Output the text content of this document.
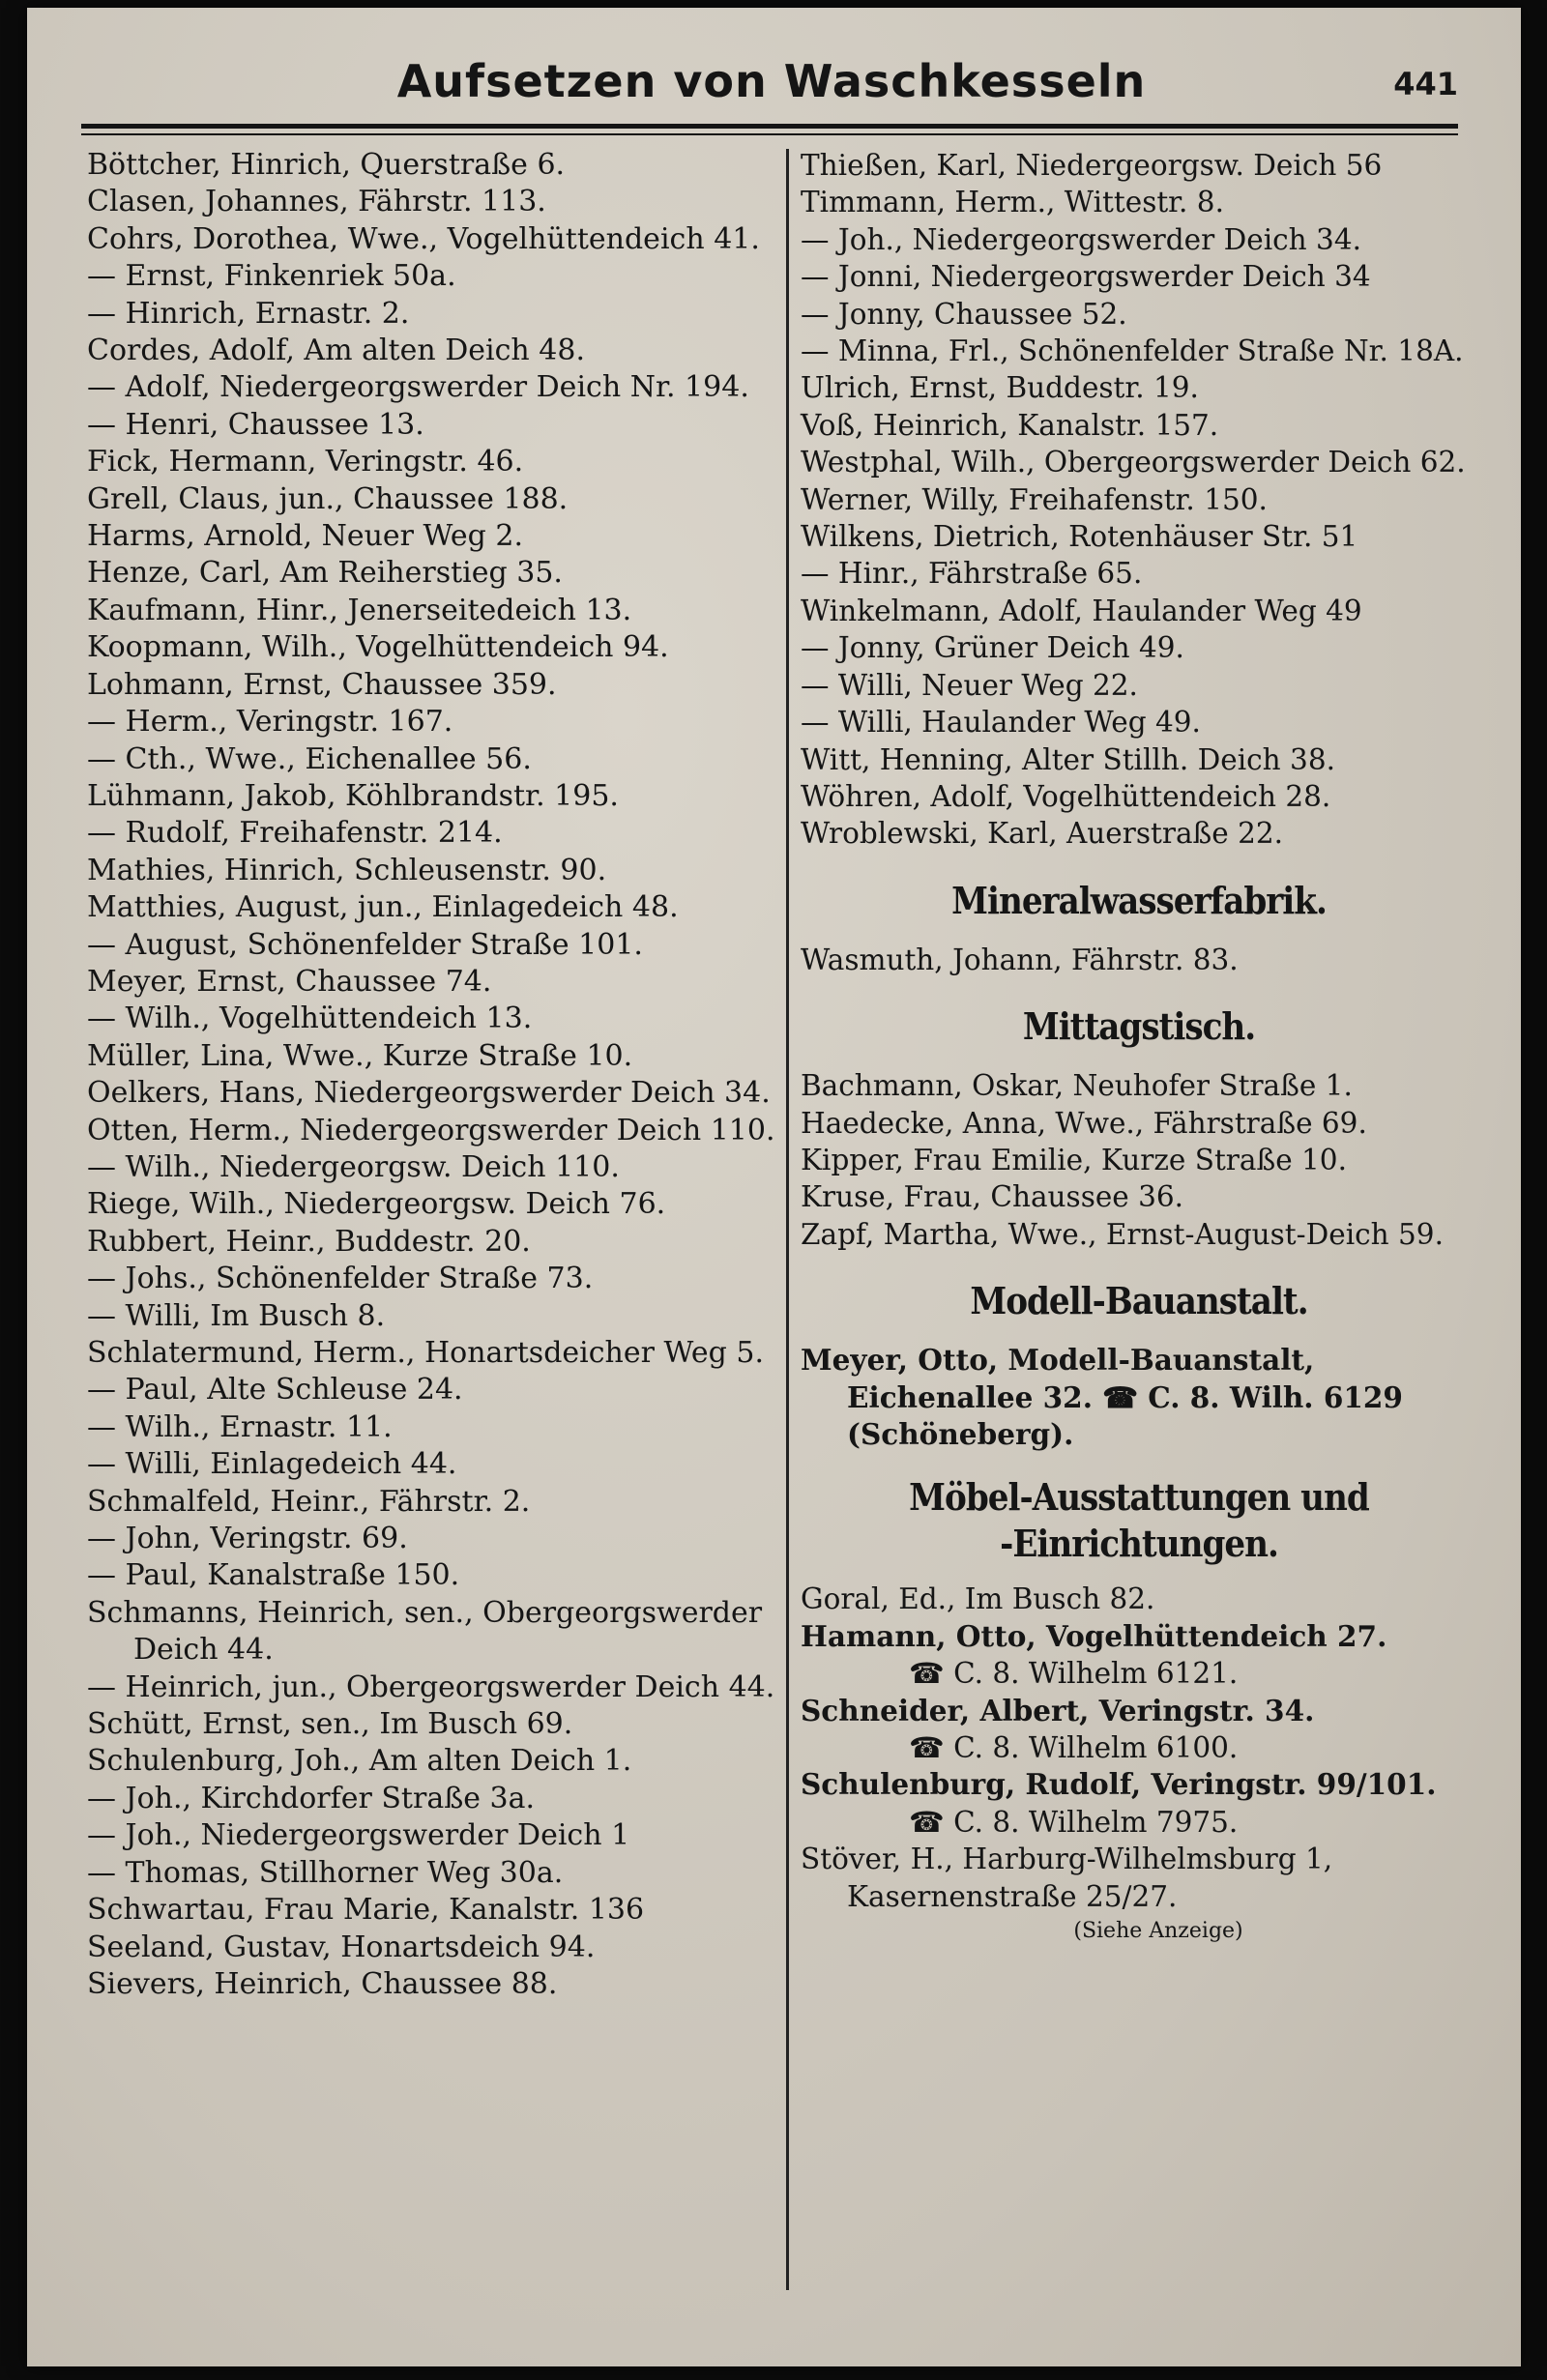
Aufsetzen von Waschkesseln	441
Böttcher, Hinrich, Querstraße 6.
Clasen, Johannes, Fährstr. 113.
Cohrs, Dorothea, Wwe., Vogelhüttendeich 41.
— Ernst, Finkenriek 50a.
— Hinrich, Ernastr. 2.
Cordes, Adolf, Am alten Deich 48.
— Adolf, Niedergeorgswerder Deich Nr. 194.
— Henri, Chaussee 13.
Fick, Hermann, Veringstr. 46.
Grell, Claus, jun., Chaussee 188.
Harms, Arnold, Neuer Weg 2.
Henze, Carl, Am Reiherstieg 35.
Kaufmann, Hinr., Jenerseitedeich 13.
Koopmann, Wilh., Vogelhüttendeich 94.
Lohmann, Ernst, Chaussee 359.
— Herm., Veringstr. 167.
— Cth., Wwe., Eichenallee 56.
Lühmann, Jakob, Köhlbrandstr. 195.
— Rudolf, Freihafenstr. 214.
Mathies, Hinrich, Schleusenstr. 90.
Matthies, August, jun., Einlagedeich 48.
— August, Schönenfelder Straße 101.
Meyer, Ernst, Chaussee 74.
— Wilh., Vogelhüttendeich 13.
Müller, Lina, Wwe., Kurze Straße 10.
Oelkers, Hans, Niedergeorgswerder Deich 34.
Otten, Herm., Niedergeorgswerder Deich 110.
— Wilh., Niedergeorgsw. Deich 110.
Riege, Wilh., Niedergeorgsw. Deich 76.
Rubbert, Heinr., Buddestr. 20.
— Johs., Schönenfelder Straße 73.
— Willi, Im Busch 8.
Schlatermund, Herm., Honartsdeicher Weg 5.
— Paul, Alte Schleuse 24.
— Wilh., Ernastr. 11.
— Willi, Einlagedeich 44.
Schmalfeld, Heinr., Fährstr. 2.
— John, Veringstr. 69.
— Paul, Kanalstraße 150.
Schmanns, Heinrich, sen., Obergeorgswerder Deich 44.
— Heinrich, jun., Obergeorgswerder Deich 44.
Schütt, Ernst, sen., Im Busch 69.
Schulenburg, Joh., Am alten Deich 1.
— Joh., Kirchdorfer Straße 3a.
— Joh., Niedergeorgswerder Deich 1
— Thomas, Stillhorner Weg 30a.
Schwartau, Frau Marie, Kanalstr. 136
Seeland, Gustav, Honartsdeich 94.
Sievers, Heinrich, Chaussee 88.
Thießen, Karl, Niedergeorgsw. Deich 56
Timmann, Herm., Wittestr. 8.
— Joh., Niedergeorgswerder Deich 34.
— Jonni, Niedergeorgswerder Deich 34
— Jonny, Chaussee 52.
— Minna, Frl., Schönenfelder Straße Nr. 18A.
Ulrich, Ernst, Buddestr. 19.
Voß, Heinrich, Kanalstr. 157.
Westphal, Wilh., Obergeorgswerder Deich 62.
Werner, Willy, Freihafenstr. 150.
Wilkens, Dietrich, Rotenhäuser Str. 51
— Hinr., Fährstraße 65.
Winkelmann, Adolf, Haulander Weg 49
— Jonny, Grüner Deich 49.
— Willi, Neuer Weg 22.
— Willi, Haulander Weg 49.
Witt, Henning, Alter Stillh. Deich 38.
Wöhren, Adolf, Vogelhüttendeich 28.
Wroblewski, Karl, Auerstraße 22.
Mineralwasserfabrik.
Wasmuth, Johann, Fährstr. 83.
Mittagstisch.
Bachmann, Oskar, Neuhofer Straße 1.
Haedecke, Anna, Wwe., Fährstraße 69.
Kipper, Frau Emilie, Kurze Straße 10.
Kruse, Frau, Chaussee 36.
Zapf, Martha, Wwe., Ernst-August-Deich 59.
Modell-Bauanstalt.
Meyer, Otto, Modell-Bauanstalt, Eichenallee 32. ☎ C. 8. Wilh. 6129 (Schöneberg).
Möbel-Ausstattungen und
-Einrichtungen.
Goral, Ed., Im Busch 82.
Hamann, Otto, Vogelhüttendeich 27.
☎ C. 8. Wilhelm 6121.
Schneider, Albert, Veringstr. 34.
☎ C. 8. Wilhelm 6100.
Schulenburg, Rudolf, Veringstr. 99/101.
☎ C. 8. Wilhelm 7975.
Stöver, H., Harburg-Wilhelmsburg 1, Kasernenstraße 25/27.
(Siehe Anzeige)
